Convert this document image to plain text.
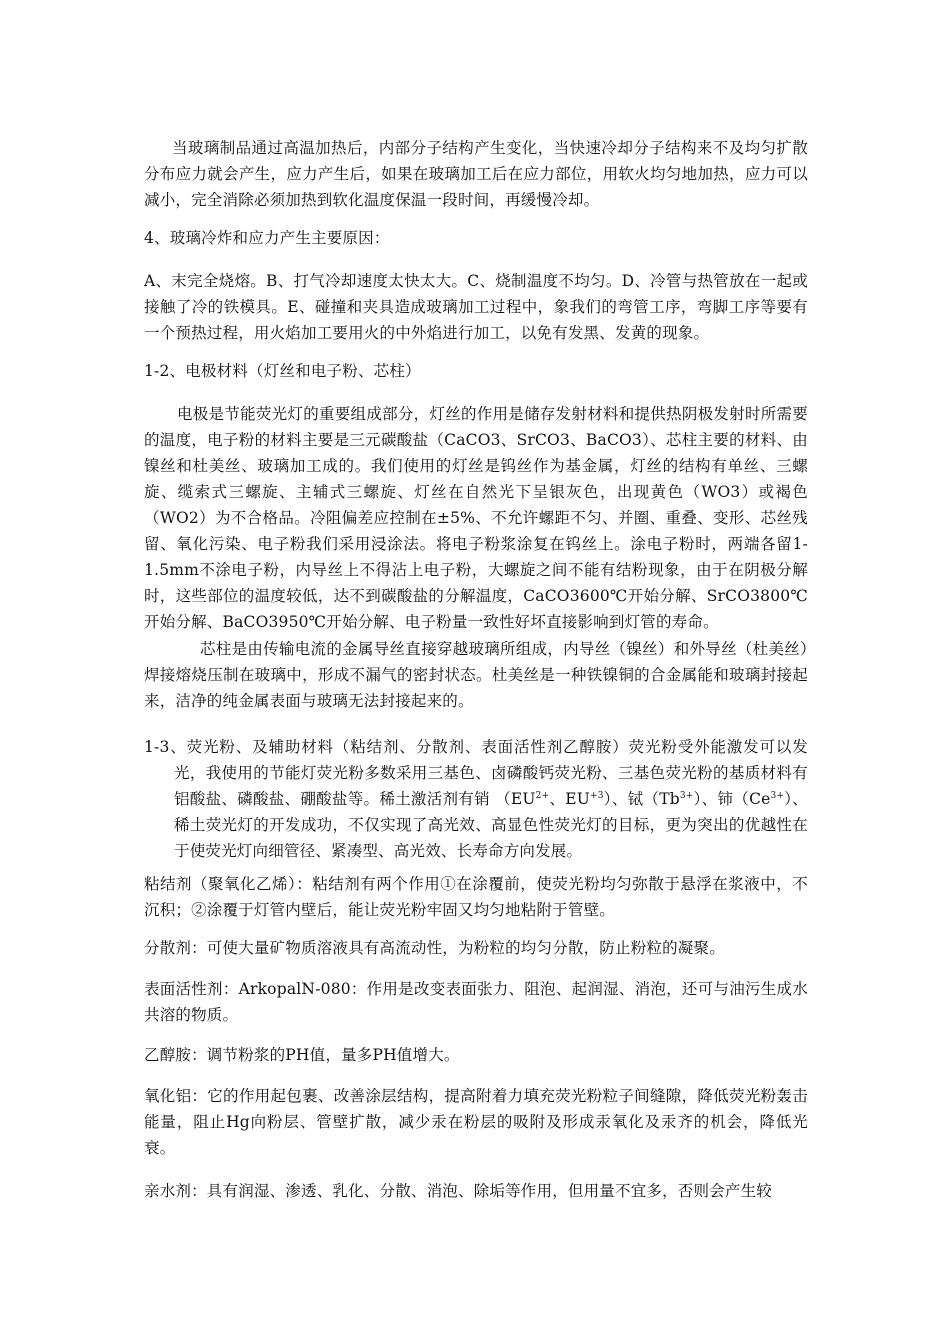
当玻璃制品通过高温加热后，内部分子结构产生变化，当快速冷却分子结构来不及均匀扩散分布应力就会产生，应力产生后，如果在玻璃加工后在应力部位，用软火均匀地加热，应力可以减小，完全消除必须加热到软化温度保温一段时间，再缓慢冷却。

4、玻璃冷炸和应力产生主要原因：

A、末完全烧熔。B、打气冷却速度太快太大。C、烧制温度不均匀。D、冷管与热管放在一起或接触了冷的铁模具。E、碰撞和夹具造成玻璃加工过程中，象我们的弯管工序，弯脚工序等要有一个预热过程，用火焰加工要用火的中外焰进行加工，以免有发黑、发黄的现象。

1-2、电极材料（灯丝和电子粉、芯柱）

电极是节能荧光灯的重要组成部分，灯丝的作用是储存发射材料和提供热阴极发射时所需要的温度，电子粉的材料主要是三元碳酸盐（CaCO3、SrCO3、BaCO3）、芯柱主要的材料、由镍丝和杜美丝、玻璃加工成的。我们使用的灯丝是钨丝作为基金属，灯丝的结构有单丝、三螺旋、缆索式三螺旋、主辅式三螺旋、灯丝在自然光下呈银灰色，出现黄色（WO3）或褐色（WO2）为不合格品。冷阻偏差应控制在±5%、不允许螺距不匀、并圈、重叠、变形、芯丝残留、氧化污染、电子粉我们采用浸涂法。将电子粉浆涂复在钨丝上。涂电子粉时，两端各留1-1.5mm不涂电子粉，内导丝上不得沾上电子粉，大螺旋之间不能有结粉现象，由于在阴极分解时，这些部位的温度较低，达不到碳酸盐的分解温度，CaCO3600℃开始分解、SrCO3800℃开始分解、BaCO3950℃开始分解、电子粉量一致性好坏直接影响到灯管的寿命。

芯柱是由传输电流的金属导丝直接穿越玻璃所组成，内导丝（镍丝）和外导丝（杜美丝）焊接熔烧压制在玻璃中，形成不漏气的密封状态。杜美丝是一种铁镍铜的合金属能和玻璃封接起来，洁净的纯金属表面与玻璃无法封接起来的。

1-3、荧光粉、及辅助材料（粘结剂、分散剂、表面活性剂乙醇胺）荧光粉受外能激发可以发光，我使用的节能灯荧光粉多数采用三基色、卤磷酸钙荧光粉、三基色荧光粉的基质材料有铝酸盐、磷酸盐、硼酸盐等。稀土激活剂有销 （$EU^{2+}$、$EU^{+3}$）、铽$(Tb^{3+})$、铈$(Ce^{3+})$、稀土荧光灯的开发成功，不仅实现了高光效、高显色性荧光灯的目标，更为突出的优越性在于使荧光灯向细管径、紧凑型、高光效、长寿命方向发展。

粘结剂（聚氧化乙烯）：粘结剂有两个作用①在涂覆前，使荧光粉均匀弥散于悬浮在浆液中，不沉积；②涂覆于灯管内壁后，能让荧光粉牢固又均匀地粘附于管壁。

分散剂：可使大量矿物质溶液具有高流动性，为粉粒的均匀分散，防止粉粒的凝聚。

表面活性剂：ArkopalN-080：作用是改变表面张力、阻泡、起润湿、消泡，还可与油污生成水共溶的物质。

乙醇胺：调节粉浆的PH值，量多PH值增大。

氧化铝：它的作用起包裹、改善涂层结构，提高附着力填充荧光粉粒子间缝隙，降低荧光粉轰击能量，阻止Hg向粉层、管壁扩散，减少汞在粉层的吸附及形成汞氧化及汞齐的机会，降低光衰。

亲水剂：具有润湿、渗透、乳化、分散、消泡、除垢等作用，但用量不宜多，否则会产生较
